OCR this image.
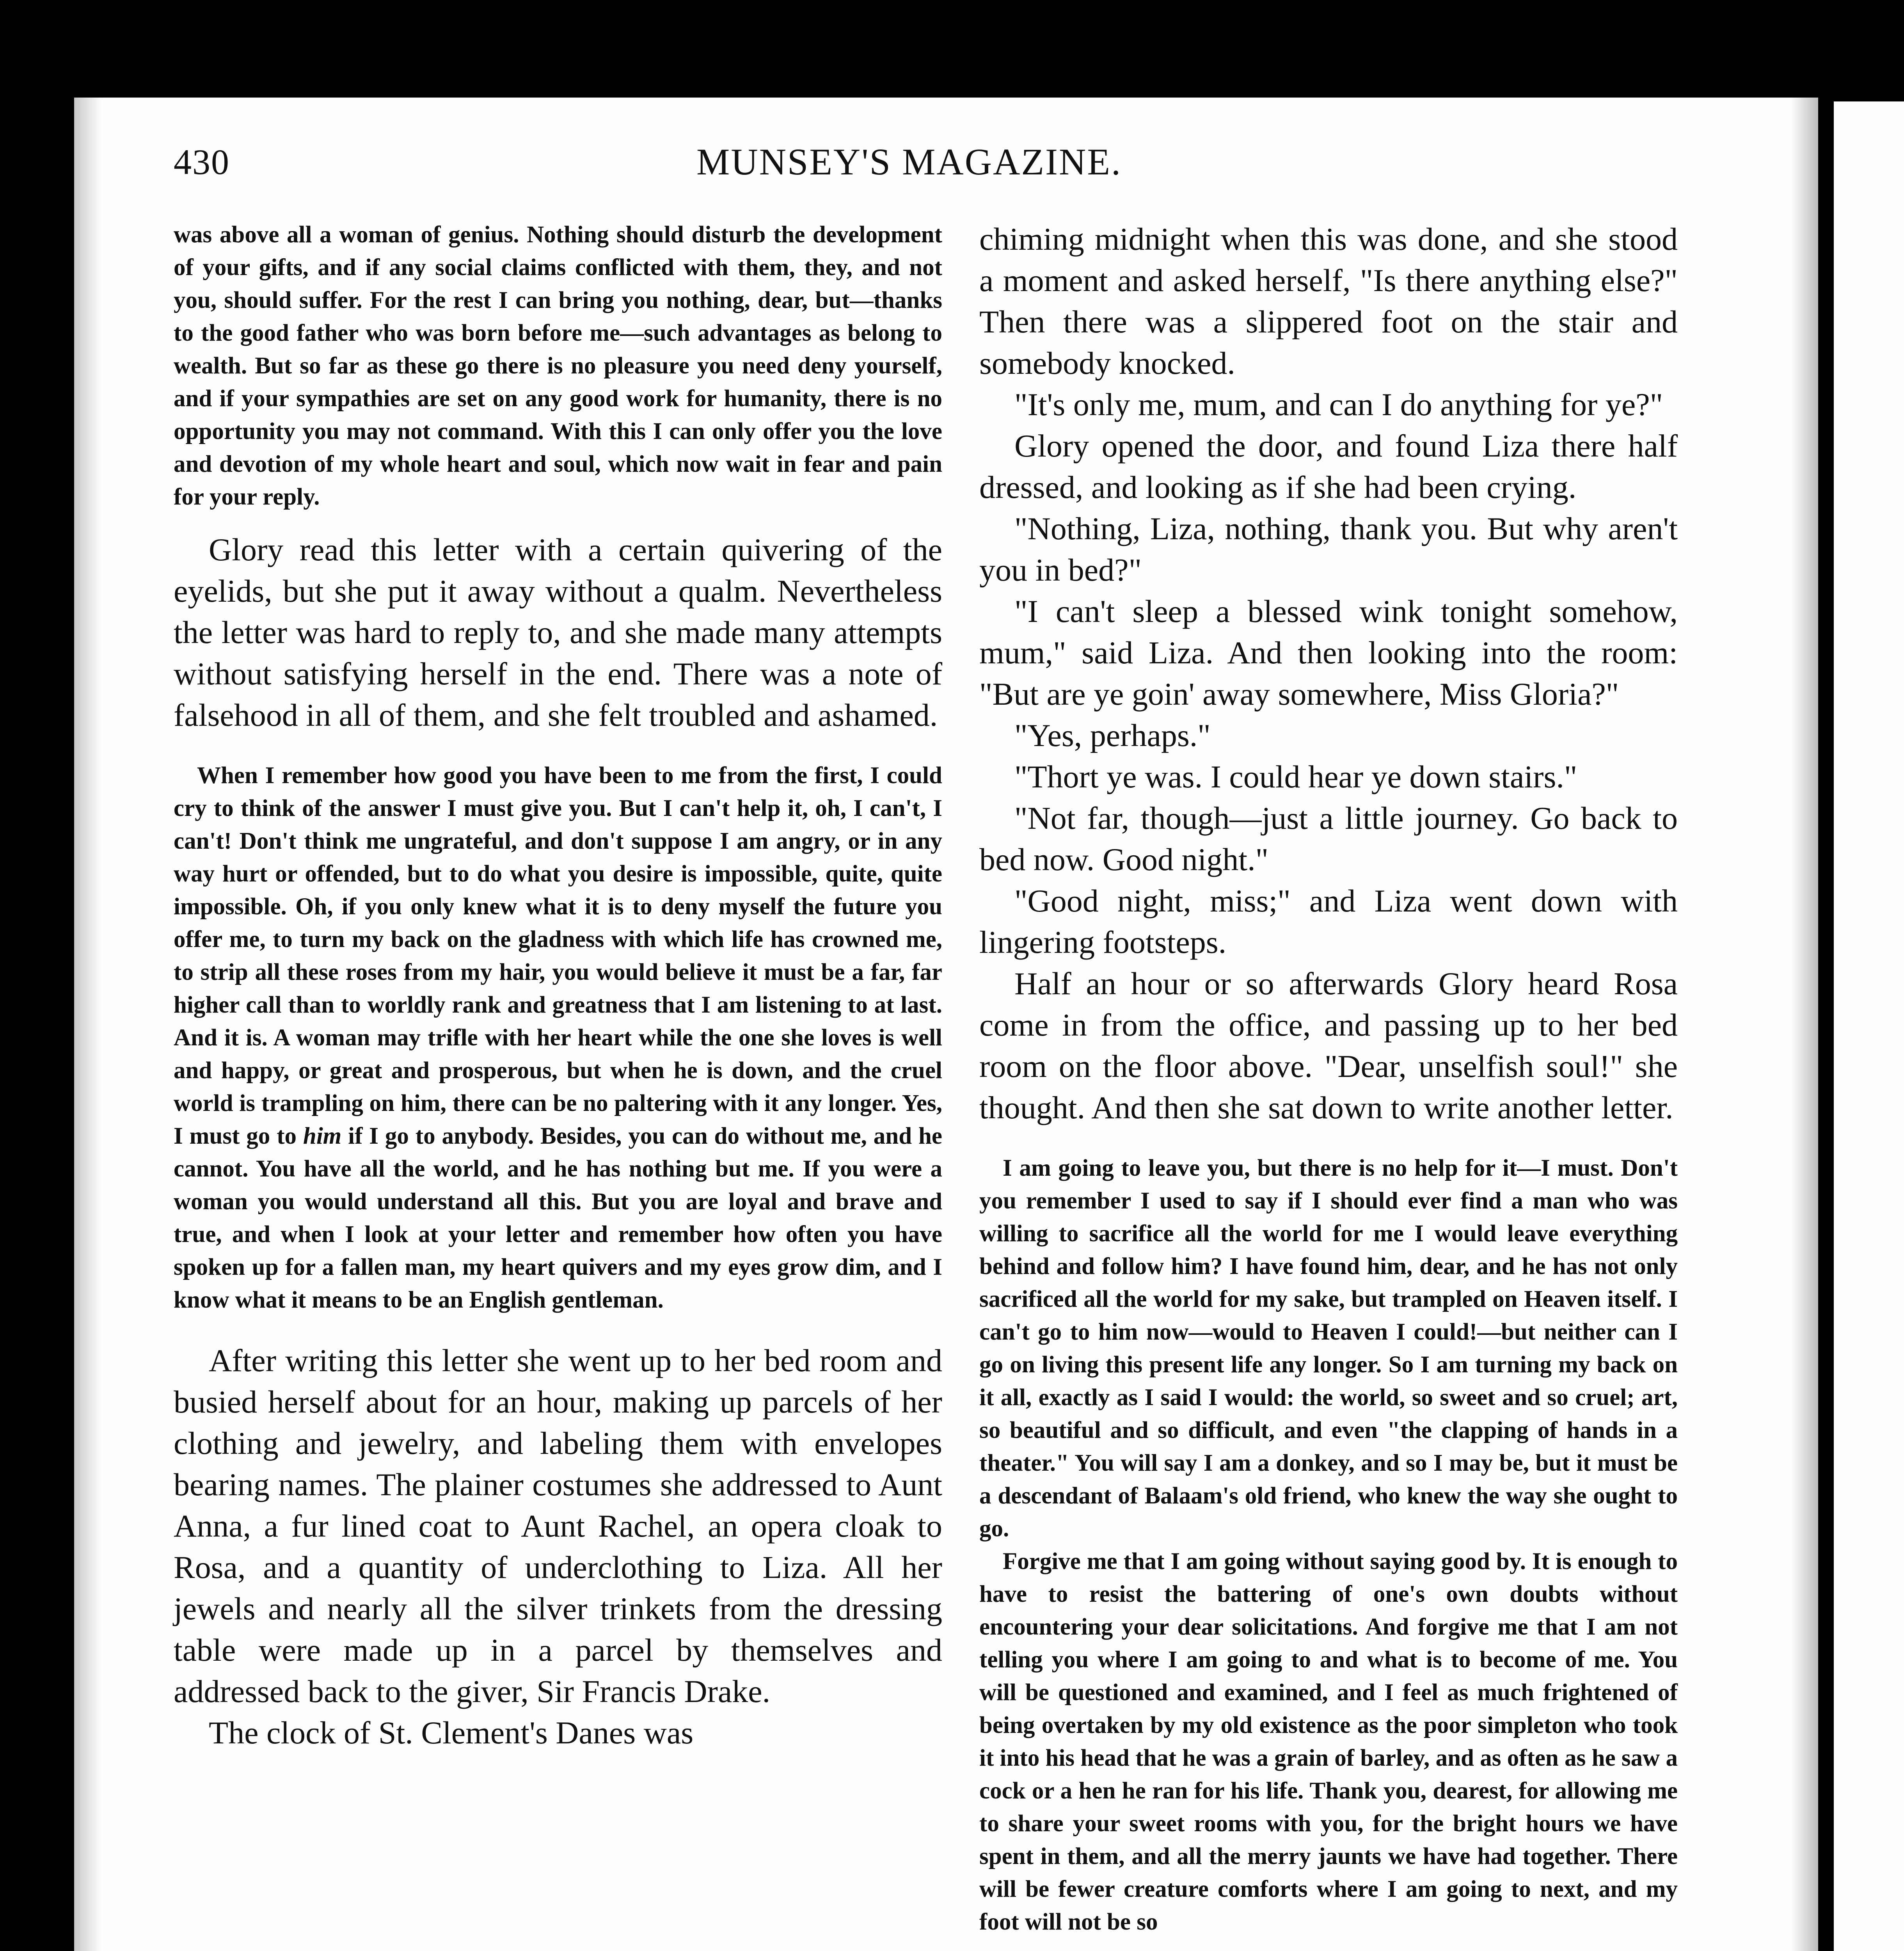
430	MUNSEY'S MAGAZINE.

was above all a woman of genius. Nothing should disturb the development of your gifts, and if any social claims conflicted with them, they, and not you, should suffer. For the rest I can bring you nothing, dear, but—thanks to the good father who was born before me—such advantages as belong to wealth. But so far as these go there is no pleasure you need deny yourself, and if your sympathies are set on any good work for humanity, there is no opportunity you may not command. With this I can only offer you the love and devotion of my whole heart and soul, which now wait in fear and pain for your reply.

Glory read this letter with a certain quivering of the eyelids, but she put it away without a qualm. Nevertheless the letter was hard to reply to, and she made many attempts without satisfying herself in the end. There was a note of falsehood in all of them, and she felt troubled and ashamed.

When I remember how good you have been to me from the first, I could cry to think of the answer I must give you. But I can't help it, oh, I can't, I can't! Don't think me ungrateful, and don't suppose I am angry, or in any way hurt or offended, but to do what you desire is impossible, quite, quite impossible. Oh, if you only knew what it is to deny myself the future you offer me, to turn my back on the gladness with which life has crowned me, to strip all these roses from my hair, you would believe it must be a far, far higher call than to worldly rank and greatness that I am listening to at last. And it is. A woman may trifle with her heart while the one she loves is well and happy, or great and prosperous, but when he is down, and the cruel world is trampling on him, there can be no paltering with it any longer. Yes, I must go to him if I go to anybody. Besides, you can do without me, and he cannot. You have all the world, and he has nothing but me. If you were a woman you would understand all this. But you are loyal and brave and true, and when I look at your letter and remember how often you have spoken up for a fallen man, my heart quivers and my eyes grow dim, and I know what it means to be an English gentleman.

After writing this letter she went up to her bed room and busied herself about for an hour, making up parcels of her clothing and jewelry, and labeling them with envelopes bearing names. The plainer costumes she addressed to Aunt Anna, a fur lined coat to Aunt Rachel, an opera cloak to Rosa, and a quantity of underclothing to Liza. All her jewels and nearly all the silver trinkets from the dressing table were made up in a parcel by themselves and addressed back to the giver, Sir Francis Drake.

The clock of St. Clement's Danes was

chiming midnight when this was done, and she stood a moment and asked herself, "Is there anything else?" Then there was a slippered foot on the stair and somebody knocked.

"It's only me, mum, and can I do anything for ye?"

Glory opened the door, and found Liza there half dressed, and looking as if she had been crying.

"Nothing, Liza, nothing, thank you. But why aren't you in bed?"

"I can't sleep a blessed wink tonight somehow, mum," said Liza. And then looking into the room: "But are ye goin' away somewhere, Miss Gloria?"

"Yes, perhaps."

"Thort ye was. I could hear ye down stairs."

"Not far, though—just a little journey. Go back to bed now. Good night."

"Good night, miss;" and Liza went down with lingering footsteps.

Half an hour or so afterwards Glory heard Rosa come in from the office, and passing up to her bed room on the floor above. "Dear, unselfish soul!" she thought. And then she sat down to write another letter.

I am going to leave you, but there is no help for it—I must. Don't you remember I used to say if I should ever find a man who was willing to sacrifice all the world for me I would leave everything behind and follow him? I have found him, dear, and he has not only sacrificed all the world for my sake, but trampled on Heaven itself. I can't go to him now—would to Heaven I could!—but neither can I go on living this present life any longer. So I am turning my back on it all, exactly as I said I would: the world, so sweet and so cruel; art, so beautiful and so difficult, and even "the clapping of hands in a theater." You will say I am a donkey, and so I may be, but it must be a descendant of Balaam's old friend, who knew the way she ought to go.

Forgive me that I am going without saying good by. It is enough to have to resist the battering of one's own doubts without encountering your dear solicitations. And forgive me that I am not telling you where I am going to and what is to become of me. You will be questioned and examined, and I feel as much frightened of being overtaken by my old existence as the poor simpleton who took it into his head that he was a grain of barley, and as often as he saw a cock or a hen he ran for his life. Thank you, dearest, for allowing me to share your sweet rooms with you, for the bright hours we have spent in them, and all the merry jaunts we have had together. There will be fewer creature comforts where I am going to next, and my foot will not be so
